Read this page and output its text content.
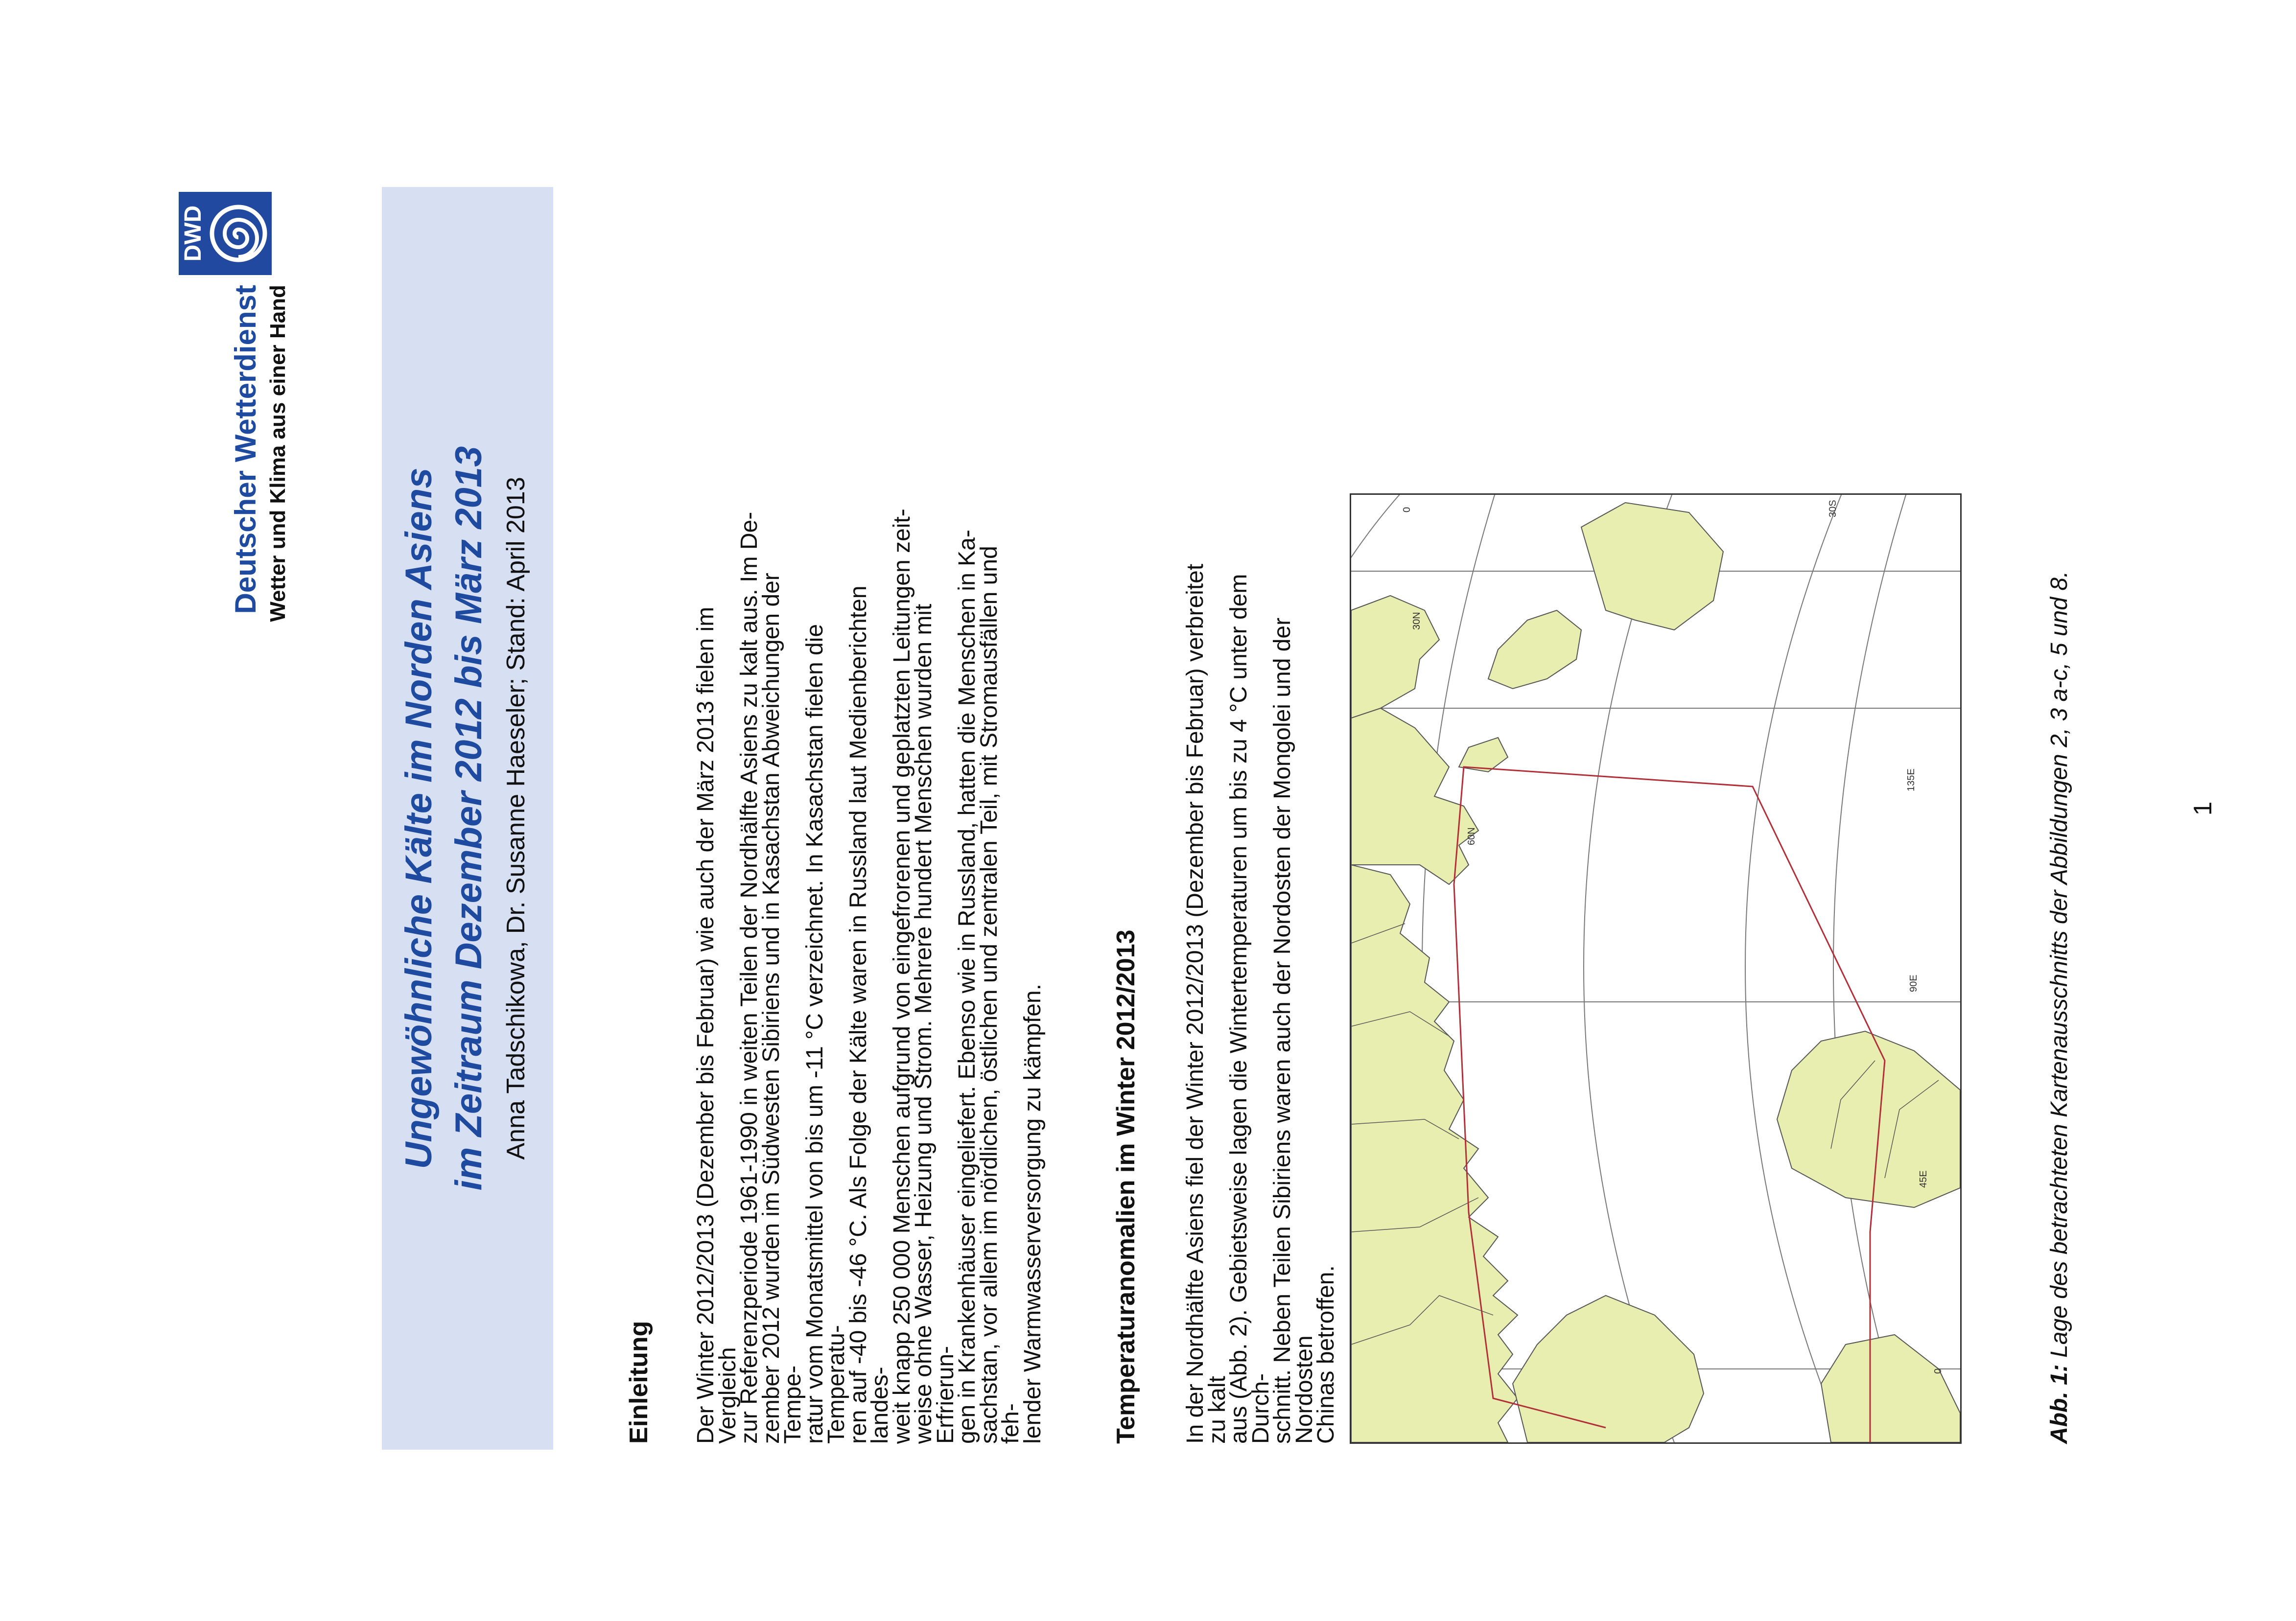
DWD
Deutscher Wetterdienst Wetter und Klima aus einer Hand
Ungewöhnliche Kälte im Norden Asiens im Zeitraum Dezember 2012 bis März 2013 Anna Tadschikowa, Dr. Susanne Haeseler; Stand: April 2013
Einleitung Der Winter 2012/2013 (Dezember bis Februar) wie auch der März 2013 fielen im Vergleich
zur Referenzperiode 1961-1990 in weiten Teilen der Nordhälfte Asiens zu kalt aus. Im De-
zember 2012 wurden im Südwesten Sibiriens und in Kasachstan Abweichungen der Tempe-
ratur vom Monatsmittel von bis um -11 °C verzeichnet. In Kasachstan fielen die Temperatu-
ren auf -40 bis -46 °C. Als Folge der Kälte waren in Russland laut Medienberichten landes-
weit knapp 250 000 Menschen aufgrund von eingefrorenen und geplatzten Leitungen zeit-
weise ohne Wasser, Heizung und Strom. Mehrere hundert Menschen wurden mit Erfrierun-
gen in Krankenhäuser eingeliefert. Ebenso wie in Russland, hatten die Menschen in Ka-
sachstan, vor allem im nördlichen, östlichen und zentralen Teil, mit Stromausfällen und feh-
lender Warmwasserversorgung zu kämpfen.	Temperaturanomalien im Winter 2012/2013 In der Nordhälfte Asiens fiel der Winter 2012/2013 (Dezember bis Februar) verbreitet zu kalt
aus (Abb. 2). Gebietsweise lagen die Wintertemperaturen um bis zu 4 °C unter dem Durch-
schnitt. Neben Teilen Sibiriens waren auch der Nordosten der Mongolei und der Nordosten
Chinas betroffen.
60N
30N
0	30S
0
45E
90E
135E
Abb. 1: Lage des betrachteten Kartenausschnitts der Abbildungen 2, 3 a-c, 5 und 8.	1
